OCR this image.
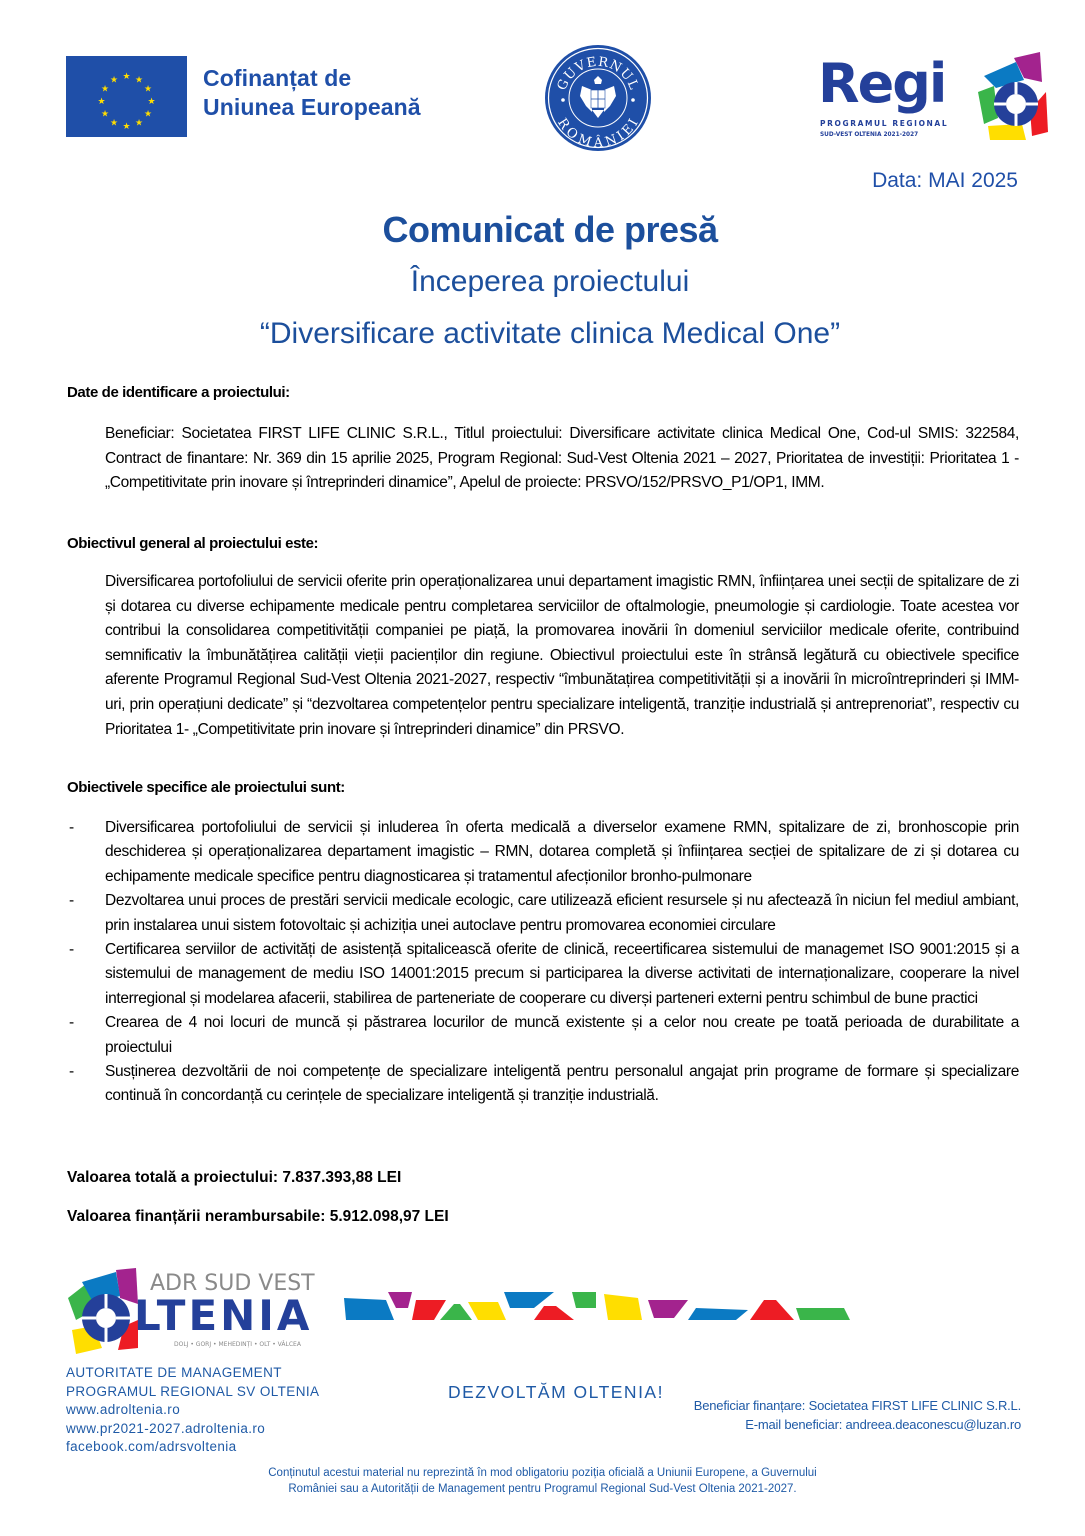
★ ★
★
★
★
★
★
★
★
★
★
★	Cofinanțat de
Uniunea Europeană
GUVERNUL
ROMÂNIEI
Regi
PROGRAMUL REGIONAL
SUD-VEST OLTENIA 2021-2027
Data: MAI 2025
Comunicat de presă
Începerea proiectului
“Diversificare activitate clinica Medical One”
Date de identificare a proiectului:
Beneficiar: Societatea FIRST LIFE CLINIC S.R.L., Titlul proiectului: Diversificare activitate clinica Medical One, Cod-ul SMIS: 322584, Contract de finantare: Nr. 369 din 15 aprilie 2025, Program Regional: Sud-Vest Oltenia 2021 – 2027, Prioritatea de investiții: Prioritatea 1 - „Competitivitate prin inovare și întreprinderi dinamice”, Apelul de proiecte: PRSVO/152/PRSVO_P1/OP1, IMM.
Obiectivul general al proiectului este:
Diversificarea portofoliului de servicii oferite prin operaționalizarea unui departament imagistic RMN, înființarea unei secții de spitalizare de zi și dotarea cu diverse echipamente medicale pentru completarea serviciilor de oftalmologie, pneumologie și cardiologie. Toate acestea vor contribui la consolidarea competitivității companiei pe piață, la promovarea inovării în domeniul serviciilor medicale oferite, contribuind semnificativ la îmbunătățirea calității vieții pacienților din regiune. Obiectivul proiectului este în strânsă legătură cu obiectivele specifice aferente Programul Regional Sud-Vest Oltenia 2021-2027, respectiv “îmbunătațirea competitivității și a inovării în microîntreprinderi și IMM-uri, prin operațiuni dedicate” și “dezvoltarea competențelor pentru specializare inteligentă, tranziție industrială și antreprenoriat”, respectiv cu Prioritatea 1- „Competitivitate prin inovare și întreprinderi dinamice” din PRSVO.
Obiectivele specifice ale proiectului sunt:
- Diversificarea portofoliului de servicii și inluderea în oferta medicală a diverselor examene RMN, spitalizare de zi, bronhoscopie prin deschiderea și operaționalizarea departament imagistic – RMN, dotarea completă și înființarea secției de spitalizare de zi și dotarea cu echipamente medicale specifice pentru diagnosticarea și tratamentul afecționilor bronho-pulmonare
- Dezvoltarea unui proces de prestări servicii medicale ecologic, care utilizează eficient resursele și nu afectează în niciun fel mediul ambiant, prin instalarea unui sistem fotovoltaic și achiziția unei autoclave pentru promovarea economiei circulare
- Certificarea serviilor de activități de asistență spitalicească oferite de clinică, receertificarea sistemului de managemet ISO 9001:2015 și a sistemului de management de mediu ISO 14001:2015 precum si participarea la diverse activitati de internaționalizare, cooperare la nivel interregional și modelarea afacerii, stabilirea de parteneriate de cooperare cu diverși parteneri externi pentru schimbul de bune practici
- Crearea de 4 noi locuri de muncă și păstrarea locurilor de muncă existente și a celor nou create pe toată perioada de durabilitate a proiectului
- Susținerea dezvoltării de noi competențe de specializare inteligentă pentru personalul angajat prin programe de formare și specializare continuă în concordanță cu cerințele de specializare inteligentă și tranziție industrială.
Valoarea totală a proiectului: 7.837.393,88 LEI
Valoarea finanțării nerambursabile: 5.912.098,97 LEI
ADR SUD VEST
LTENIA
DOLJ • GORJ • MEHEDINȚI • OLT • VÂLCEA
AUTORITATE DE MANAGEMENT
PROGRAMUL REGIONAL SV OLTENIA
www.adroltenia.ro
www.pr2021-2027.adroltenia.ro
facebook.com/adrsvoltenia
DEZVOLTĂM OLTENIA!
Beneficiar finanțare: Societatea FIRST LIFE CLINIC S.R.L.
E-mail beneficiar: andreea.deaconescu@luzan.ro
Conținutul acestui material nu reprezintă în mod obligatoriu poziția oficială a Uniunii Europene, a Guvernului
României sau a Autorității de Management pentru Programul Regional Sud-Vest Oltenia 2021-2027.
